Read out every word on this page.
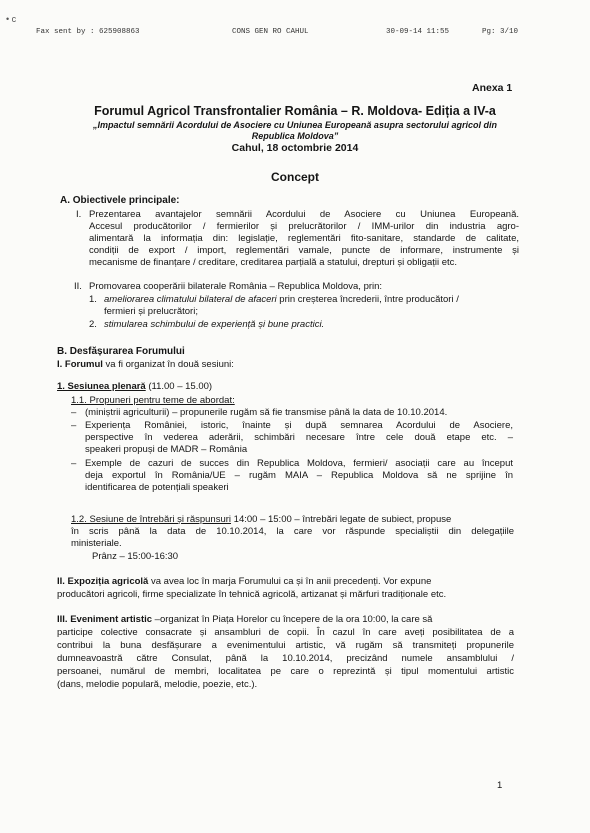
Fax sent by : 625908863	CONS GEN RO CAHUL	30-09-14 11:55	Pg: 3/10
• c
Anexa 1
Forumul Agricol Transfrontalier România – R. Moldova- Ediția a IV-a
„Impactul semnării Acordului de Asociere cu Uniunea Europeană asupra sectorului agricol din
Republica Moldova”
Cahul, 18 octombrie 2014
Concept
A. Obiectivele principale:
I. Prezentarea avantajelor semnării Acordului de Asociere cu Uniunea Europeană.
Accesul producătorilor / fermierilor și prelucrătorilor / IMM-urilor din industria agro-
alimentară la informația din: legislație, reglementări fito-sanitare, standarde de calitate,
condiții de export / import, reglementări vamale, puncte de informare, instrumente și
mecanisme de finanțare / creditare, creditarea parțială a statului, drepturi și obligații etc.
II. Promovarea cooperării bilaterale România – Republica Moldova, prin:
1. ameliorarea climatului bilateral de afaceri prin creșterea încrederii, între producători /
fermieri și prelucrători;
2. stimularea schimbului de experiență și bune practici.
B. Desfășurarea Forumului
I. Forumul va fi organizat în două sesiuni:
1. Sesiunea plenară (11.00 – 15.00)
1.1. Propuneri pentru teme de abordat:
– (miniștrii agriculturii) – propunerile rugăm să fie transmise până la data de 10.10.2014.
– Experiența României, istoric, înainte și după semnarea Acordului de Asociere,
perspective în vederea aderării, schimbări necesare între cele două etape etc. –
speakeri propuși de MADR – România
– Exemple de cazuri de succes din Republica Moldova, fermieri/ asociații care au început
deja exportul în România/UE – rugăm MAIA – Republica Moldova să ne sprijine în
identificarea de potențiali speakeri
1.2. Sesiune de întrebări și răspunsuri 14:00 – 15:00 – întrebări legate de subiect, propuse
în scris până la data de 10.10.2014, la care vor răspunde specialiștii din delegațiile
ministeriale.
Prânz – 15:00-16:30
II. Expoziția agricolă va avea loc în marja Forumului ca și în anii precedenți. Vor expune
producători agricoli, firme specializate în tehnică agricolă, artizanat și mărfuri tradiționale etc.
III. Eveniment artistic –organizat în Piața Horelor cu începere de la ora 10:00, la care să
participe colective consacrate și ansambluri de copii. În cazul în care aveți posibilitatea de a
contribui la buna desfășurare a evenimentului artistic, vă rugăm să transmiteți propunerile
dumneavoastră către Consulat, până la 10.10.2014, precizând numele ansamblului /
persoanei, numărul de membri, localitatea pe care o reprezintă și tipul momentului artistic
(dans, melodie populară, melodie, poezie, etc.).
1
